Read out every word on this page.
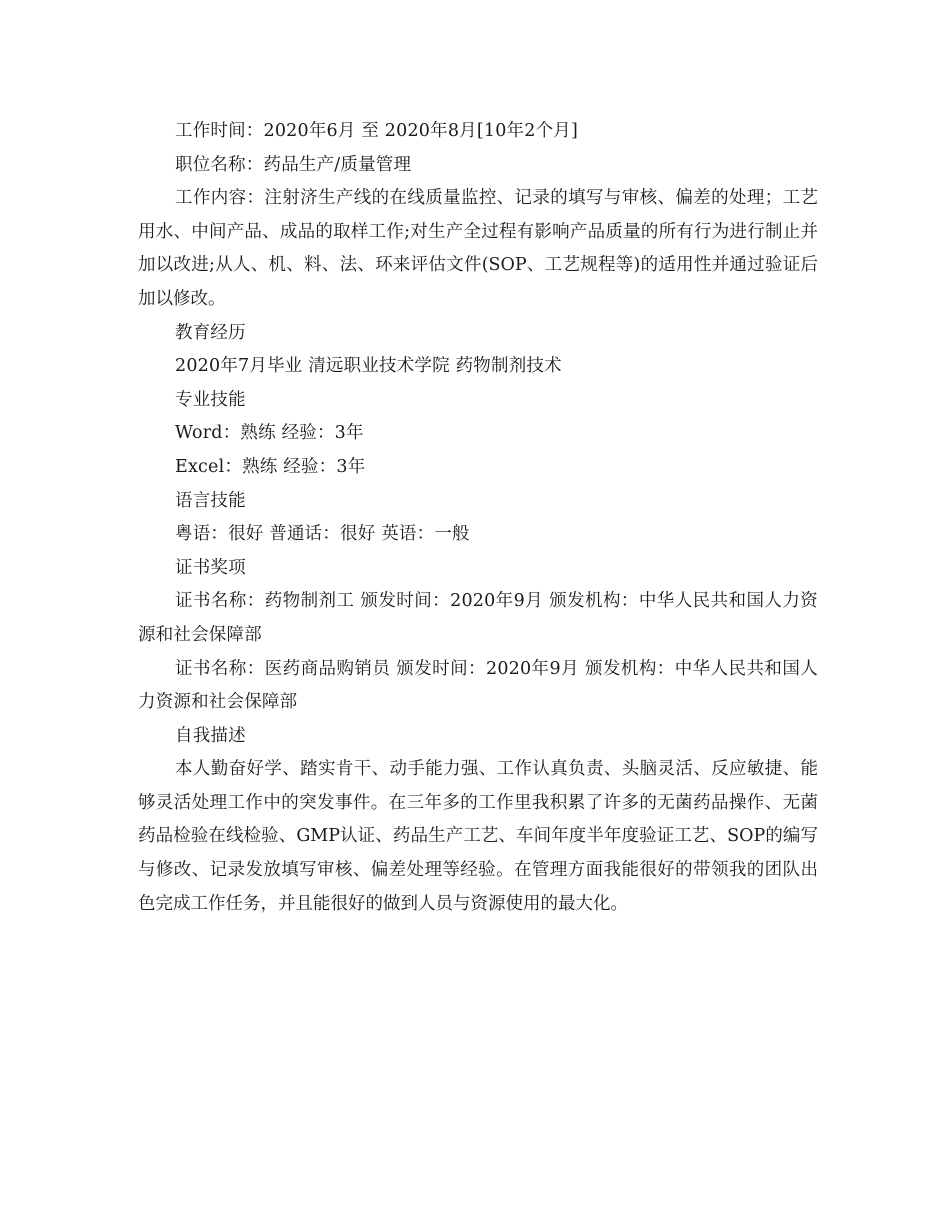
工作时间：2020年6月 至 2020年8月[10年2个月]
职位名称：药品生产/质量管理

工作内容：注射济生产线的在线质量监控、记录的填写与审核、偏差的处理；工艺用水、中间产品、成品的取样工作;对生产全过程有影响产品质量的所有行为进行制止并加以改进;从人、机、料、法、环来评估文件(SOP、工艺规程等)的适用性并通过验证后加以修改。

教育经历
2020年7月毕业 清远职业技术学院 药物制剂技术
专业技能
Word：熟练 经验：3年
Excel：熟练 经验：3年
语言技能
粤语：很好 普通话：很好 英语：一般
证书奖项

证书名称：药物制剂工 颁发时间：2020年9月 颁发机构：中华人民共和国人力资源和社会保障部

证书名称：医药商品购销员 颁发时间：2020年9月 颁发机构：中华人民共和国人力资源和社会保障部

自我描述

本人勤奋好学、踏实肯干、动手能力强、工作认真负责、头脑灵活、反应敏捷、能够灵活处理工作中的突发事件。在三年多的工作里我积累了许多的无菌药品操作、无菌药品检验在线检验、GMP认证、药品生产工艺、车间年度半年度验证工艺、SOP的编写与修改、记录发放填写审核、偏差处理等经验。在管理方面我能很好的带领我的团队出色完成工作任务，并且能很好的做到人员与资源使用的最大化。
